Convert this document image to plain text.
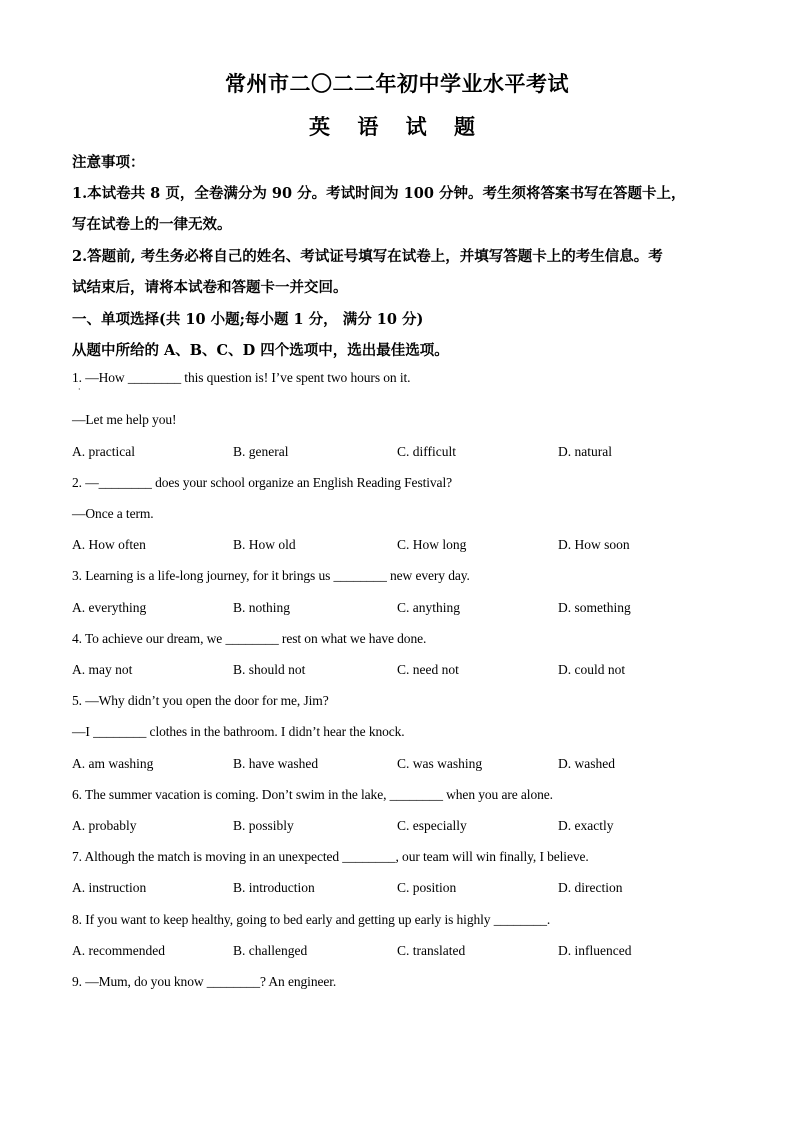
常州市二〇二二年初中学业水平考试
英 语 试 题
注意事项：
1.本试卷共 8 页，全卷满分为 90 分。考试时间为 100 分钟。考生须将答案书写在答题卡上，
写在试卷上的一律无效。
2.答题前, 考生务必将自己的姓名、考试证号填写在试卷上，并填写答题卡上的考生信息。考
试结束后，请将本试卷和答题卡一并交回。
一、单项选择(共 10 小题;每小题 1 分， 满分 10 分)
从题中所给的 A、B、C、D 四个选项中，选出最佳选项。
1. —How ________ this question is! I’ve spent two hours on it.
·
—Let me help you!
A. practical	B. general	C. difficult	D. natural
2. —________ does your school organize an English Reading Festival?
—Once a term.
A. How often	B. How old	C. How long	D. How soon
3. Learning is a life-long journey, for it brings us ________ new every day.
A. everything	B. nothing	C. anything	D. something
4. To achieve our dream, we ________ rest on what we have done.
A. may not	B. should not	C. need not	D. could not
5. —Why didn’t you open the door for me, Jim?
—I ________ clothes in the bathroom. I didn’t hear the knock.
A. am washing	B. have washed	C. was washing	D. washed
6. The summer vacation is coming. Don’t swim in the lake, ________ when you are alone.
A. probably	B. possibly	C. especially	D. exactly
7. Although the match is moving in an unexpected ________, our team will win finally, I believe.
A. instruction	B. introduction	C. position	D. direction
8. If you want to keep healthy, going to bed early and getting up early is highly ________.
A. recommended	B. challenged	C. translated	D. influenced
9. —Mum, do you know ________? An engineer.
